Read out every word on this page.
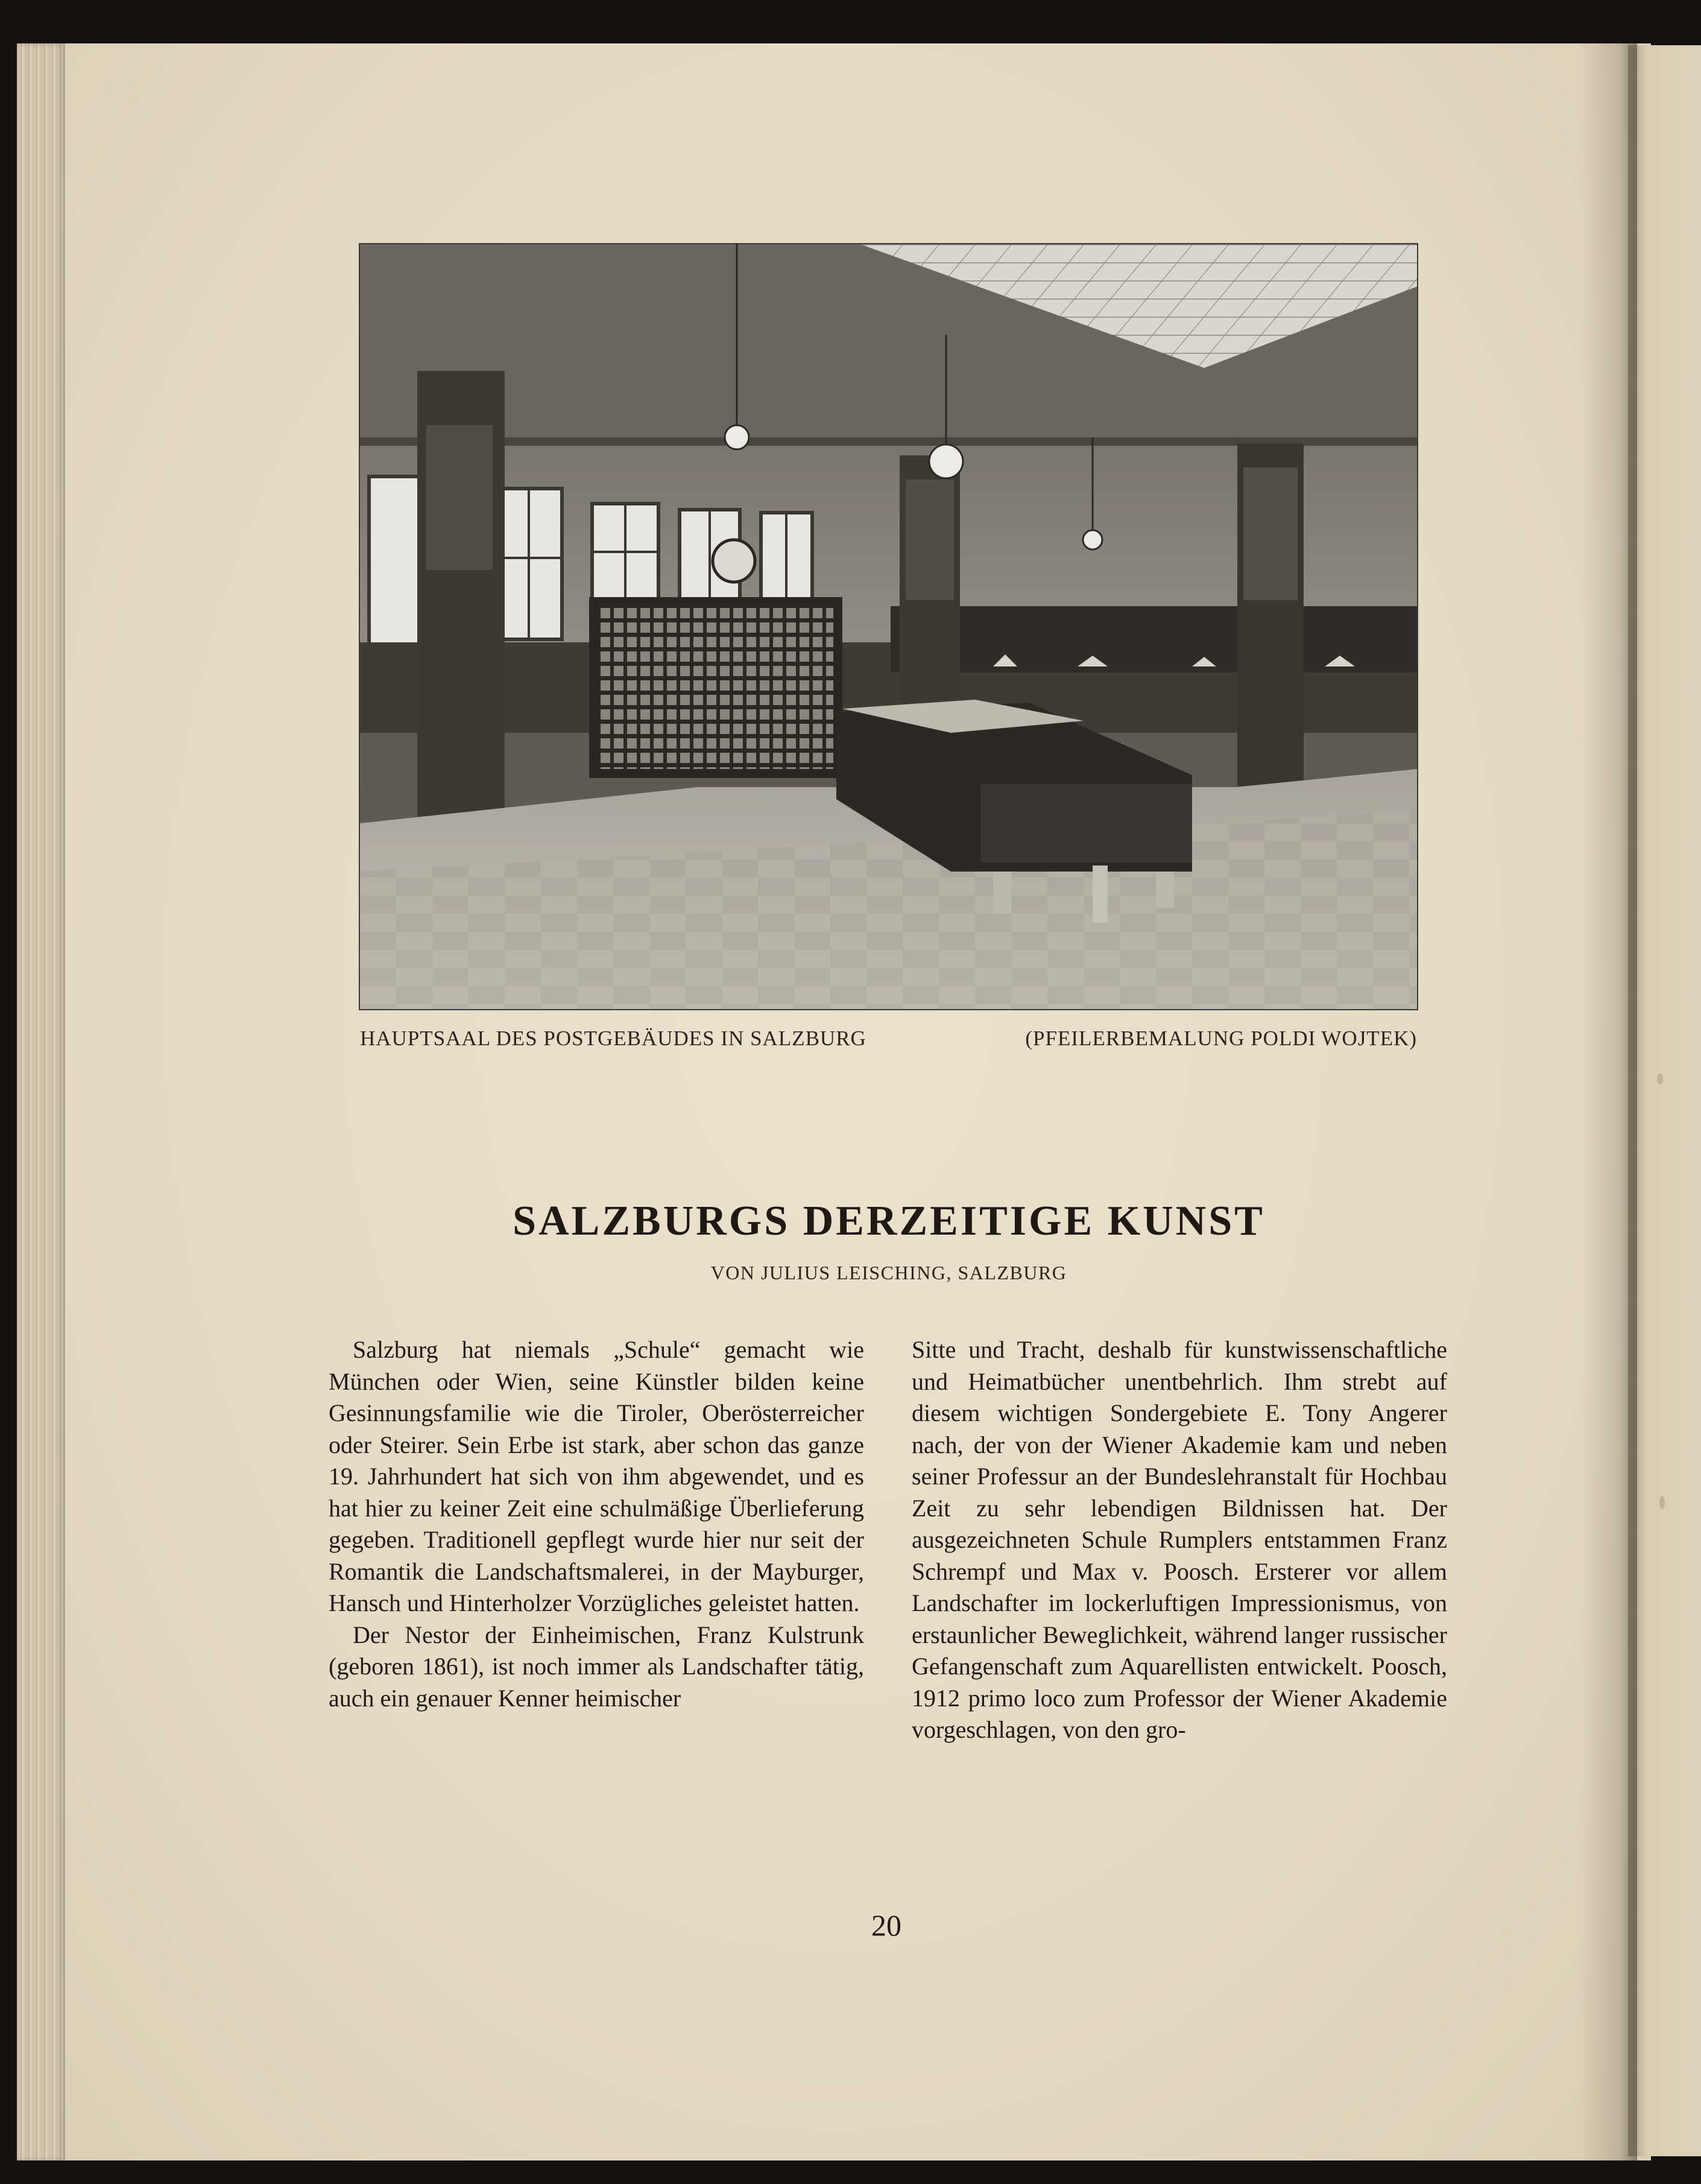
HAUPTSAAL DES POSTGEBÄUDES IN SALZBURG	(PFEILERBEMALUNG POLDI WOJTEK)
SALZBURGS DERZEITIGE KUNST
VON JULIUS LEISCHING, SALZBURG

Salzburg hat niemals „Schule“ gemacht wie München oder Wien, seine Künstler bilden keine Gesinnungsfamilie wie die Tiroler, Oberösterreicher oder Steirer. Sein Erbe ist stark, aber schon das ganze 19. Jahrhundert hat sich von ihm abgewendet, und es hat hier zu keiner Zeit eine schulmäßige Überlieferung gegeben. Traditionell gepflegt wurde hier nur seit der Romantik die Landschaftsmalerei, in der Mayburger, Hansch und Hinterholzer Vorzügliches geleistet hatten.

Der Nestor der Einheimischen, Franz Kulstrunk (geboren 1861), ist noch immer als Landschafter tätig, auch ein genauer Kenner heimischer

Sitte und Tracht, deshalb für kunstwissenschaftliche und Heimatbücher unentbehrlich. Ihm strebt auf diesem wichtigen Sondergebiete E. Tony Angerer nach, der von der Wiener Akademie kam und neben seiner Professur an der Bundeslehranstalt für Hochbau Zeit zu sehr lebendigen Bildnissen hat. Der ausgezeichneten Schule Rumplers entstammen Franz Schrempf und Max v. Poosch. Ersterer vor allem Landschafter im lockerluftigen Impressionismus, von erstaunlicher Beweglichkeit, während langer russischer Gefangenschaft zum Aquarellisten entwickelt. Poosch, 1912 primo loco zum Professor der Wiener Akademie vorgeschlagen, von den gro-

20
